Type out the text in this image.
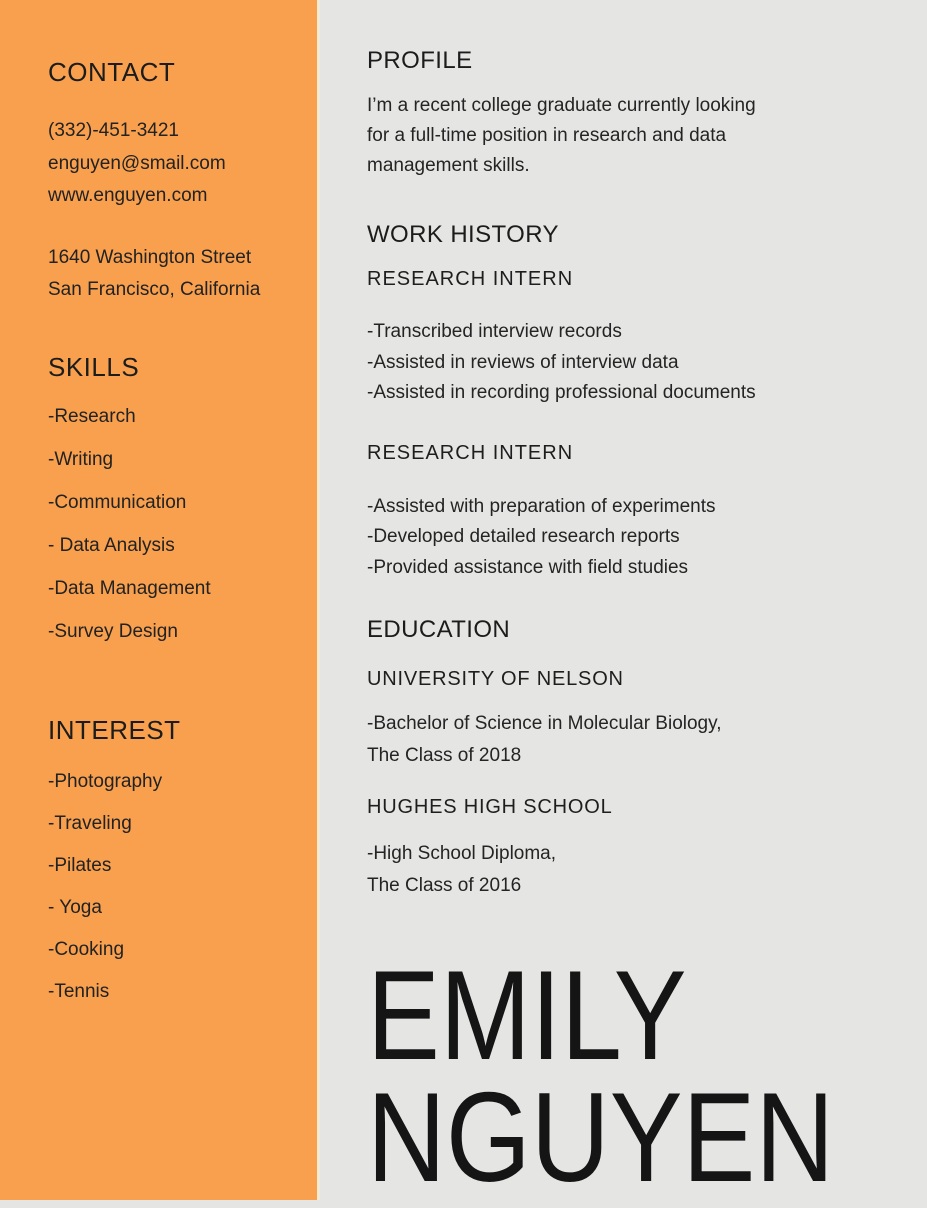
CONTACT
(332)-451-3421
enguyen@smail.com
www.enguyen.com
1640 Washington Street
San Francisco, California
SKILLS
-Research
-Writing
-Communication
- Data Analysis
-Data Management
-Survey Design
INTEREST
-Photography
-Traveling
-Pilates
- Yoga
-Cooking
-Tennis
PROFILE
I’m a recent college graduate currently looking
for a full-time position in research and data
management skills.
WORK HISTORY
RESEARCH INTERN
-Transcribed interview records
-Assisted in reviews of interview data
-Assisted in recording professional documents
RESEARCH INTERN
-Assisted with preparation of experiments
-Developed detailed research reports
-Provided assistance with field studies
EDUCATION
UNIVERSITY OF NELSON
-Bachelor of Science in Molecular Biology,
The Class of 2018
HUGHES HIGH SCHOOL
-High School Diploma,
The Class of 2016
EMILY
NGUYEN
